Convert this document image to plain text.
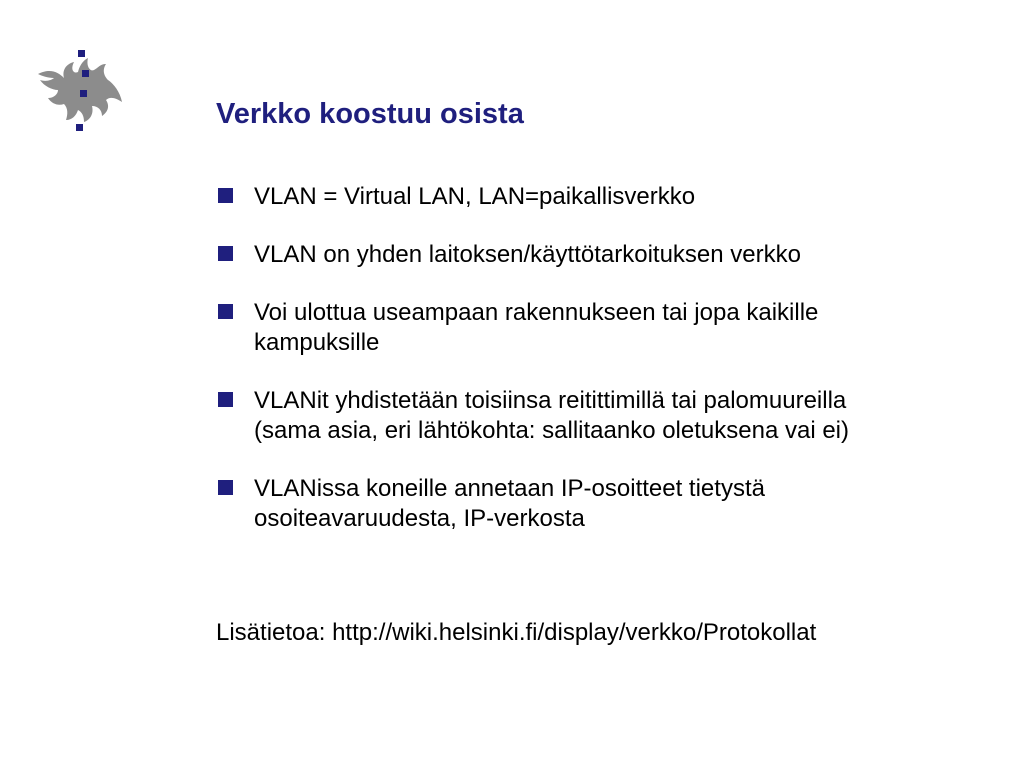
Verkko koostuu osista
VLAN = Virtual LAN, LAN=paikallisverkko
VLAN on yhden laitoksen/käyttötarkoituksen verkko
Voi ulottua useampaan rakennukseen tai jopa kaikille
kampuksille
VLANit yhdistetään toisiinsa reitittimillä tai palomuureilla
(sama asia, eri lähtökohta: sallitaanko oletuksena vai ei)
VLANissa koneille annetaan IP-osoitteet tietystä
osoiteavaruudesta, IP-verkosta

Lisätietoa: http://wiki.helsinki.fi/display/verkko/Protokollat
